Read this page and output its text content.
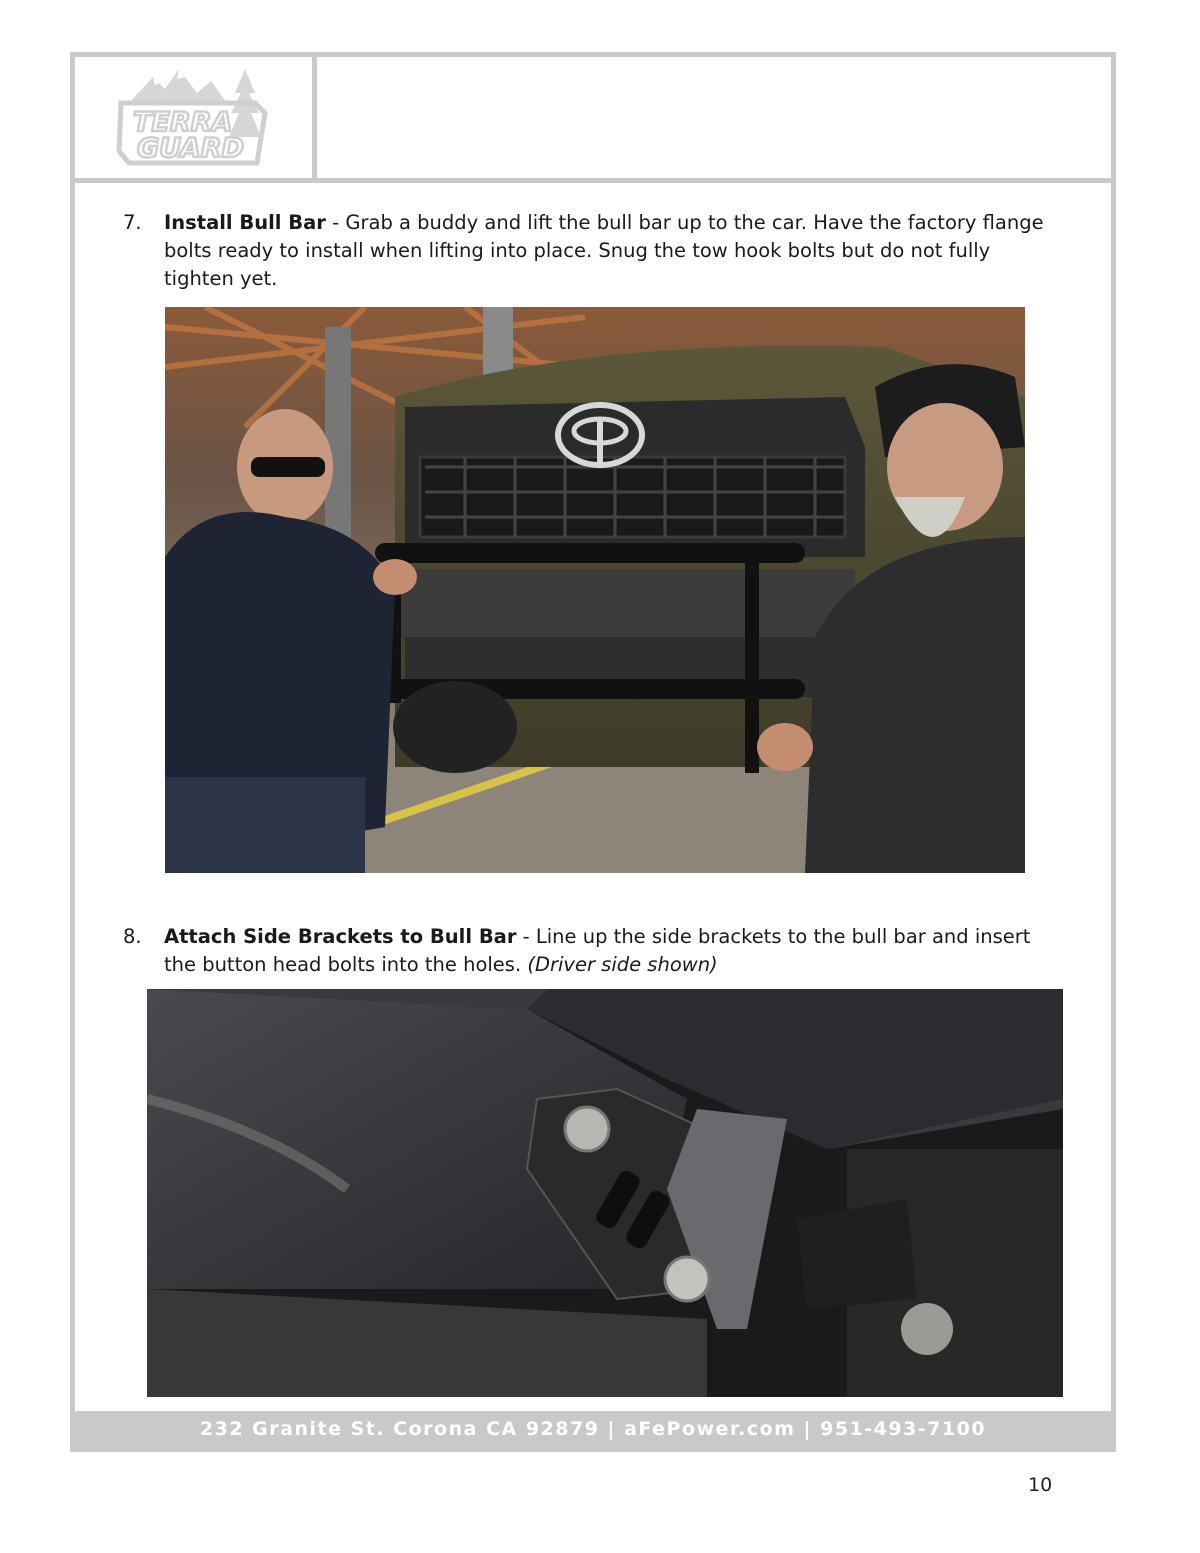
TERRA
GUARD
7. Install Bull Bar - Grab a buddy and lift the bull bar up to the car. Have the factory flange bolts ready to install when lifting into place. Snug the tow hook bolts but do not fully tighten yet.
8. Attach Side Brackets to Bull Bar - Line up the side brackets to the bull bar and insert the button head bolts into the holes. (Driver side shown)
232 Granite St. Corona CA 92879 | aFePower.com | 951-493-7100
10
